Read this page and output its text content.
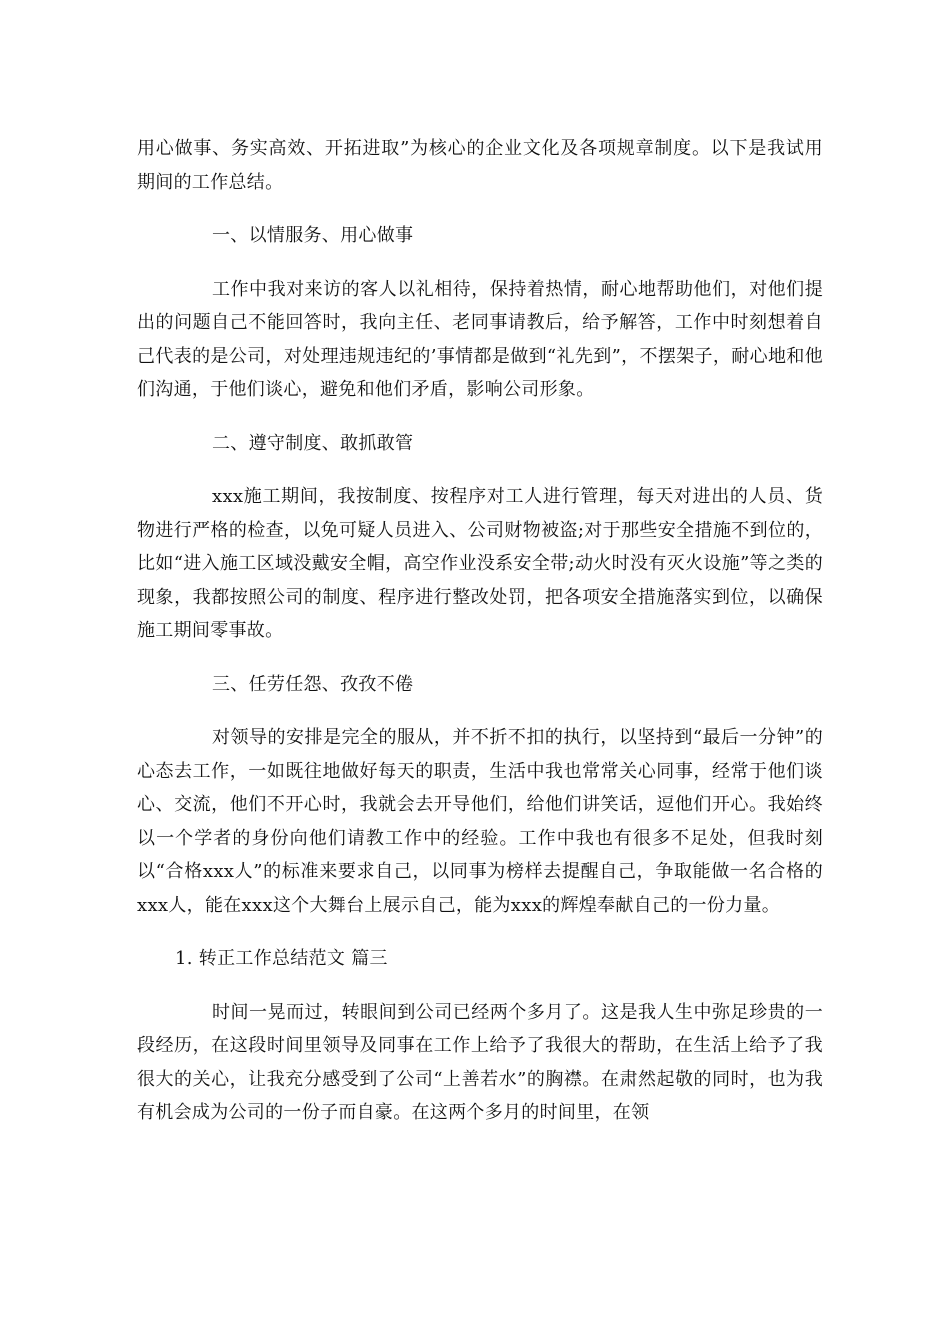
用心做事、务实高效、开拓进取”为核心的企业文化及各项规章制度。以下是我试用期间的工作总结。

一、以情服务、用心做事

工作中我对来访的客人以礼相待，保持着热情，耐心地帮助他们，对他们提出的问题自己不能回答时，我向主任、老同事请教后，给予解答，工作中时刻想着自己代表的是公司，对处理违规违纪的’事情都是做到“礼先到”，不摆架子，耐心地和他们沟通，于他们谈心，避免和他们矛盾，影响公司形象。

二、遵守制度、敢抓敢管

xxx施工期间，我按制度、按程序对工人进行管理，每天对进出的人员、货物进行严格的检查，以免可疑人员进入、公司财物被盗;对于那些安全措施不到位的，比如“进入施工区域没戴安全帽，高空作业没系安全带;动火时没有灭火设施”等之类的现象，我都按照公司的制度、程序进行整改处罚，把各项安全措施落实到位，以确保施工期间零事故。

三、任劳任怨、孜孜不倦

对领导的安排是完全的服从，并不折不扣的执行，以坚持到“最后一分钟”的心态去工作，一如既往地做好每天的职责，生活中我也常常关心同事，经常于他们谈心、交流，他们不开心时，我就会去开导他们，给他们讲笑话，逗他们开心。我始终以一个学者的身份向他们请教工作中的经验。工作中我也有很多不足处，但我时刻以“合格xxx人”的标准来要求自己，以同事为榜样去提醒自己，争取能做一名合格的xxx人，能在xxx这个大舞台上展示自己，能为xxx的辉煌奉献自己的一份力量。

1. 转正工作总结范文 篇三

时间一晃而过，转眼间到公司已经两个多月了。这是我人生中弥足珍贵的一段经历，在这段时间里领导及同事在工作上给予了我很大的帮助，在生活上给予了我很大的关心，让我充分感受到了公司“上善若水”的胸襟。在肃然起敬的同时，也为我有机会成为公司的一份子而自豪。在这两个多月的时间里，在领
